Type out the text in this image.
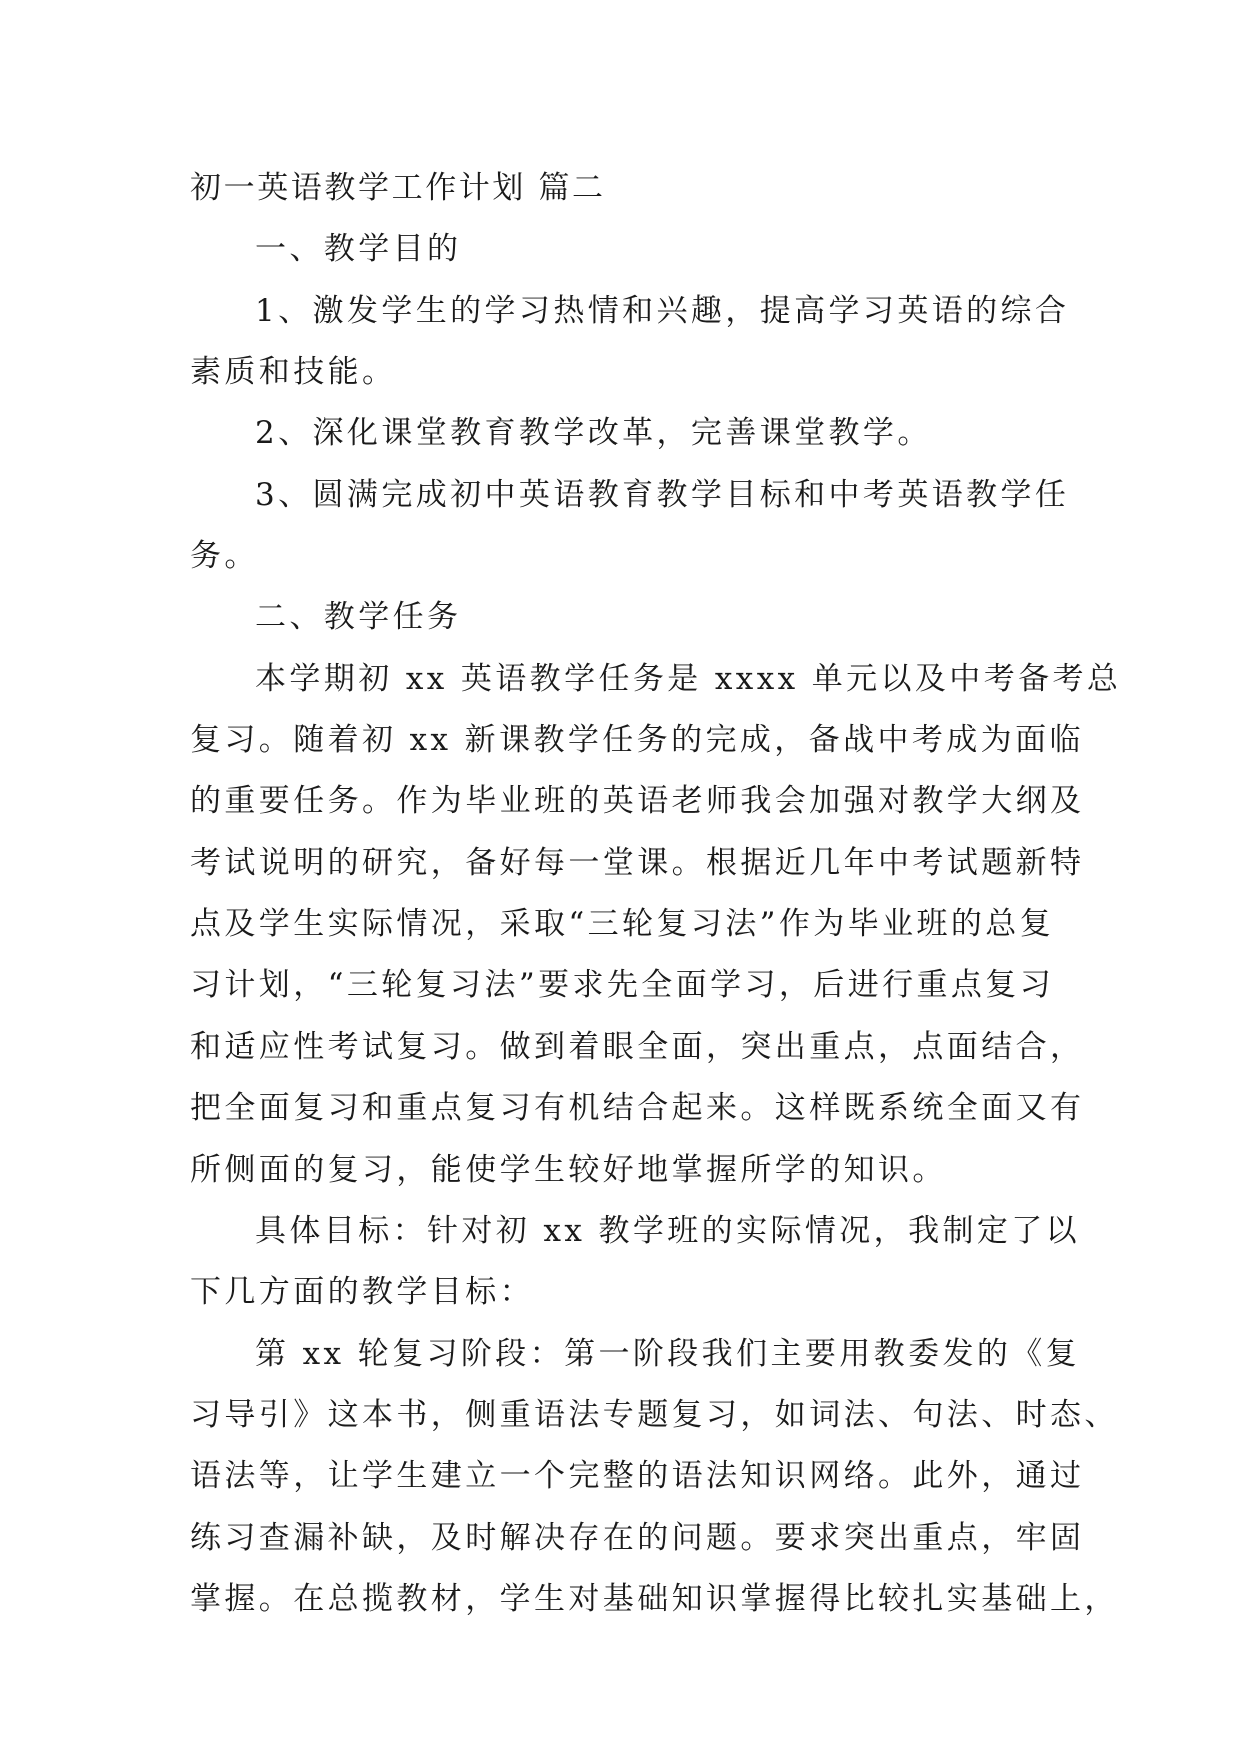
初一英语教学工作计划 篇二
一、教学目的
1、激发学生的学习热情和兴趣，提高学习英语的综合
素质和技能。
2、深化课堂教育教学改革，完善课堂教学。
3、圆满完成初中英语教育教学目标和中考英语教学任
务。
二、教学任务
本学期初 xx 英语教学任务是 xxxx 单元以及中考备考总
复习。随着初 xx 新课教学任务的完成，备战中考成为面临
的重要任务。作为毕业班的英语老师我会加强对教学大纲及
考试说明的研究，备好每一堂课。根据近几年中考试题新特
点及学生实际情况，采取“三轮复习法”作为毕业班的总复
习计划，“三轮复习法”要求先全面学习，后进行重点复习
和适应性考试复习。做到着眼全面，突出重点，点面结合，
把全面复习和重点复习有机结合起来。这样既系统全面又有
所侧面的复习，能使学生较好地掌握所学的知识。
具体目标：针对初 xx 教学班的实际情况，我制定了以
下几方面的教学目标：
第 xx 轮复习阶段：第一阶段我们主要用教委发的《复
习导引》这本书，侧重语法专题复习，如词法、句法、时态、
语法等，让学生建立一个完整的语法知识网络。此外，通过
练习查漏补缺，及时解决存在的问题。要求突出重点，牢固
掌握。在总揽教材，学生对基础知识掌握得比较扎实基础上，
